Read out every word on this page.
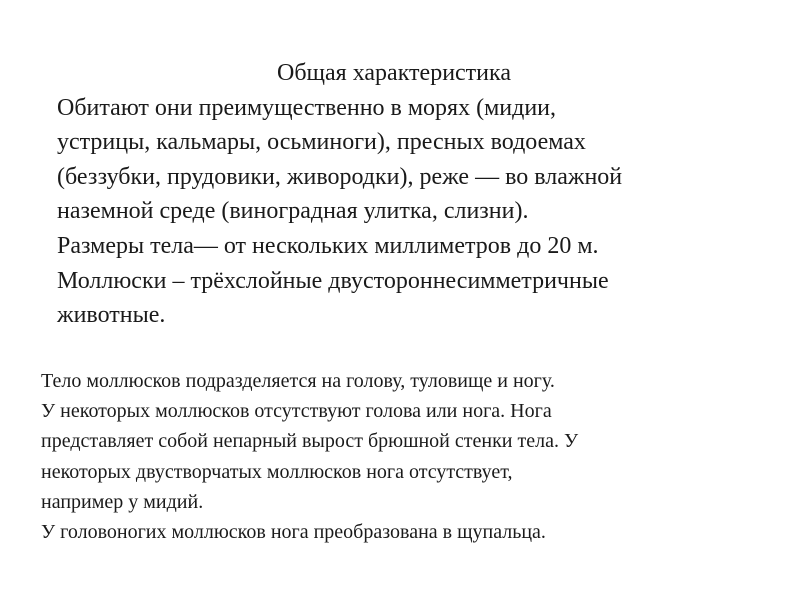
Общая характеристика
Обитают они преимущественно в морях (мидии,
устрицы, кальмары, осьминоги), пресных водоемах
(беззубки, прудовики, живородки), реже — во влажной
наземной среде (виноградная улитка, слизни).
Размеры тела— от нескольких миллиметров до 20 м.
Моллюски – трёхслойные двустороннесимметричные
животные.
Тело моллюсков подразделяется на голову, туловище и ногу.
У некоторых моллюсков отсутствуют голова или нога. Нога
представляет собой непарный вырост брюшной стенки тела. У
некоторых двустворчатых моллюсков нога отсутствует,
например у мидий.
У головоногих моллюсков нога преобразована в щупальца.
